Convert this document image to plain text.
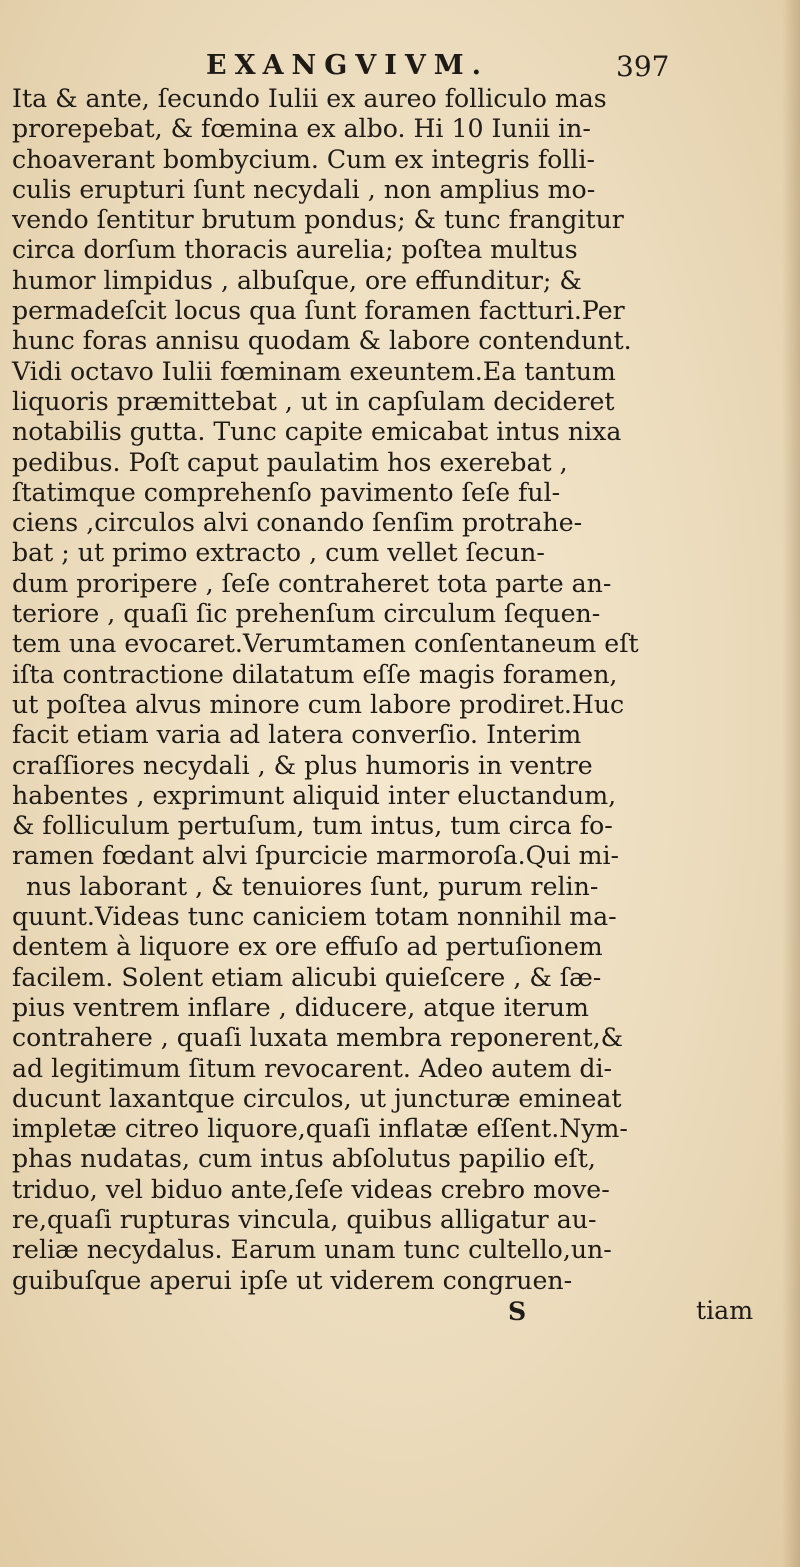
EXANGVIVM.	397
Ita & ante, ſecundo Iulii ex aureo folliculo mas
prorepebat, & fœmina ex albo. Hi 10 Iunii in-
choaverant bombycium. Cum ex integris folli-
culis erupturi ſunt necydali , non amplius mo-
vendo ſentitur brutum pondus; & tunc frangitur
circa dorſum thoracis aurelia; poſtea multus
humor limpidus , albuſque, ore effunditur; &
permadeſcit locus qua ſunt foramen factturi.Per
hunc foras annisu quodam & labore contendunt.
Vidi octavo Iulii fœminam exeuntem.Ea tantum
liquoris præmittebat , ut in capſulam decideret
notabilis gutta. Tunc capite emicabat intus nixa
pedibus. Poſt caput paulatim hos exerebat ,
ſtatimque comprehenſo pavimento ſeſe ful-
ciens ,circulos alvi conando ſenſim protrahe-
bat ; ut primo extracto , cum vellet ſecun-
dum proripere , ſeſe contraheret tota parte an-
teriore , quaſi ſic prehenſum circulum ſequen-
tem una evocaret.Verumtamen conſentaneum eſt
iſta contractione dilatatum eſſe magis foramen,
ut poſtea alvus minore cum labore prodiret.Huc
facit etiam varia ad latera converſio. Interim
craſſiores necydali , & plus humoris in ventre
habentes , exprimunt aliquid inter eluctandum,
& folliculum pertuſum, tum intus, tum circa fo-
ramen fœdant alvi ſpurcicie marmoroſa.Qui mi-
nus laborant , & tenuiores ſunt, purum relin-
quunt.Videas tunc caniciem totam nonnihil ma-
dentem à liquore ex ore effuſo ad pertuſionem
facilem. Solent etiam alicubi quieſcere , & ſæ-
pius ventrem inflare , diducere, atque iterum
contrahere , quaſi luxata membra reponerent,&
ad legitimum ſitum revocarent. Adeo autem di-
ducunt laxantque circulos, ut juncturæ emineat
impletæ citreo liquore,quaſi inflatæ eſſent.Nym-
phas nudatas, cum intus abſolutus papilio eſt,
triduo, vel biduo ante,ſeſe videas crebro move-
re,quaſi rupturas vincula, quibus alligatur au-
reliæ necydalus. Earum unam tunc cultello,un-
guibuſque aperui ipſe ut viderem congruen-
S	tiam
